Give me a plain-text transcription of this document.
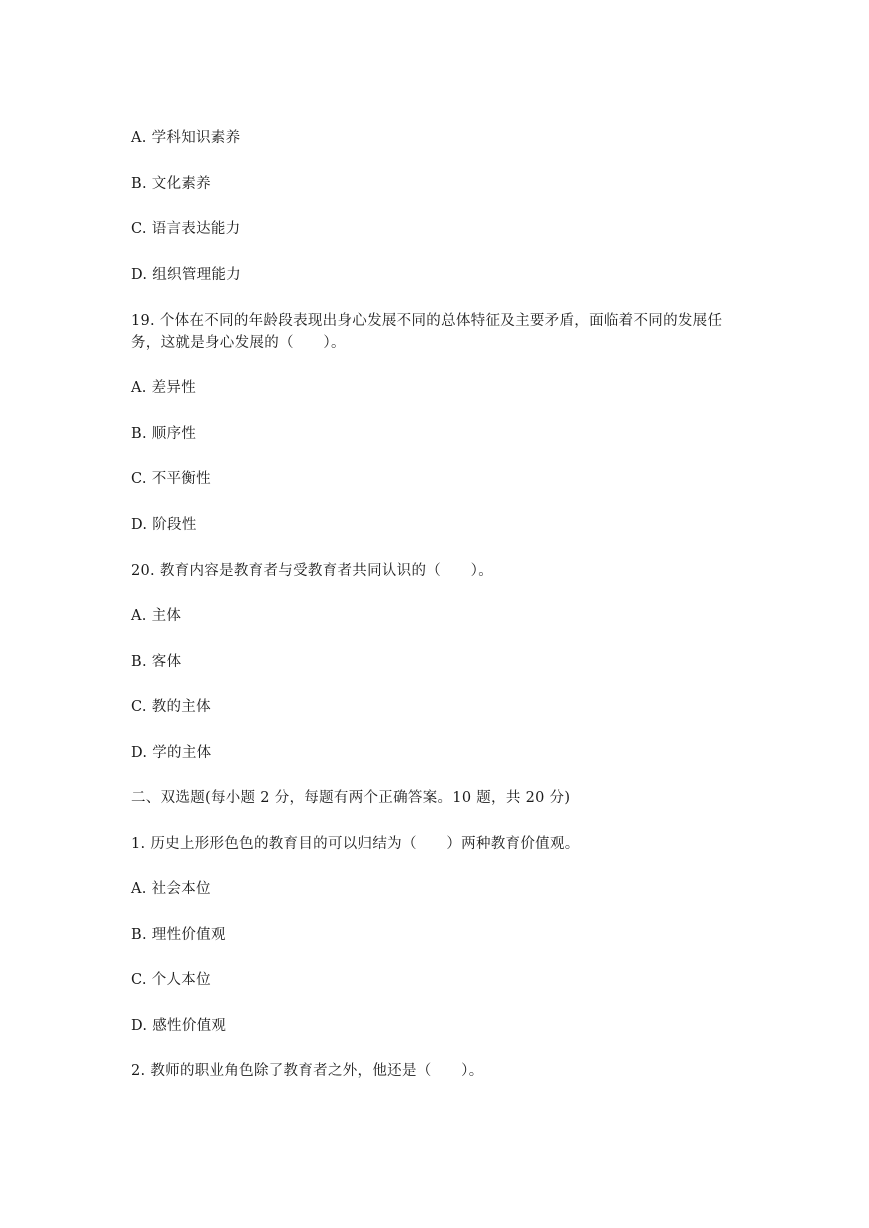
A. 学科知识素养
B. 文化素养
C. 语言表达能力
D. 组织管理能力
19. 个体在不同的年龄段表现出身心发展不同的总体特征及主要矛盾，面临着不同的发展任
务，这就是身心发展的（　　）。
A. 差异性
B. 顺序性
C. 不平衡性
D. 阶段性
20. 教育内容是教育者与受教育者共同认识的（　　）。
A. 主体
B. 客体
C. 教的主体
D. 学的主体
二、双选题(每小题 2 分，每题有两个正确答案。10 题，共 20 分)
1. 历史上形形色色的教育目的可以归结为（　　）两种教育价值观。
A. 社会本位
B. 理性价值观
C. 个人本位
D. 感性价值观
2. 教师的职业角色除了教育者之外，他还是（　　）。
